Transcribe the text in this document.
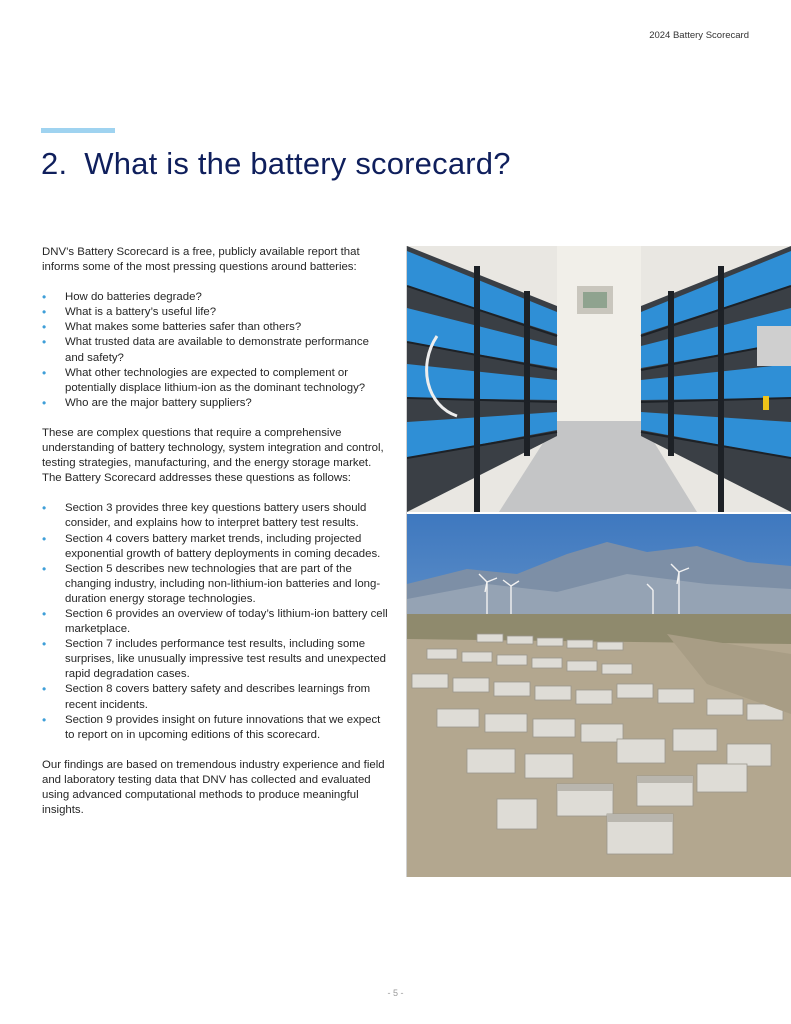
2024 Battery Scorecard
2. What is the battery scorecard?

DNV’s Battery Scorecard is a free, publicly available report that informs some of the most pressing questions around batteries:

• How do batteries degrade?
• What is a battery’s useful life?
• What makes some batteries safer than others?
• What trusted data are available to demonstrate performance and safety?
• What other technologies are expected to complement or potentially displace lithium-ion as the dominant technology?
• Who are the major battery suppliers?

These are complex questions that require a comprehensive understanding of battery technology, system integration and control, testing strategies, manufacturing, and the energy storage market. The Battery Scorecard addresses these questions as follows:

• Section 3 provides three key questions battery users should consider, and explains how to interpret battery test results.
• Section 4 covers battery market trends, including projected exponential growth of battery deployments in coming decades.
• Section 5 describes new technologies that are part of the changing industry, including non-lithium-ion batteries and long-duration energy storage technologies.
• Section 6 provides an overview of today’s lithium-ion battery cell marketplace.
• Section 7 includes performance test results, including some surprises, like unusually impressive test results and unexpected rapid degradation cases.
• Section 8 covers battery safety and describes learnings from recent incidents.
• Section 9 provides insight on future innovations that we expect to report on in upcoming editions of this scorecard.

Our findings are based on tremendous industry experience and field and laboratory testing data that DNV has collected and evaluated using advanced computational methods to produce meaningful insights.

- 5 -
